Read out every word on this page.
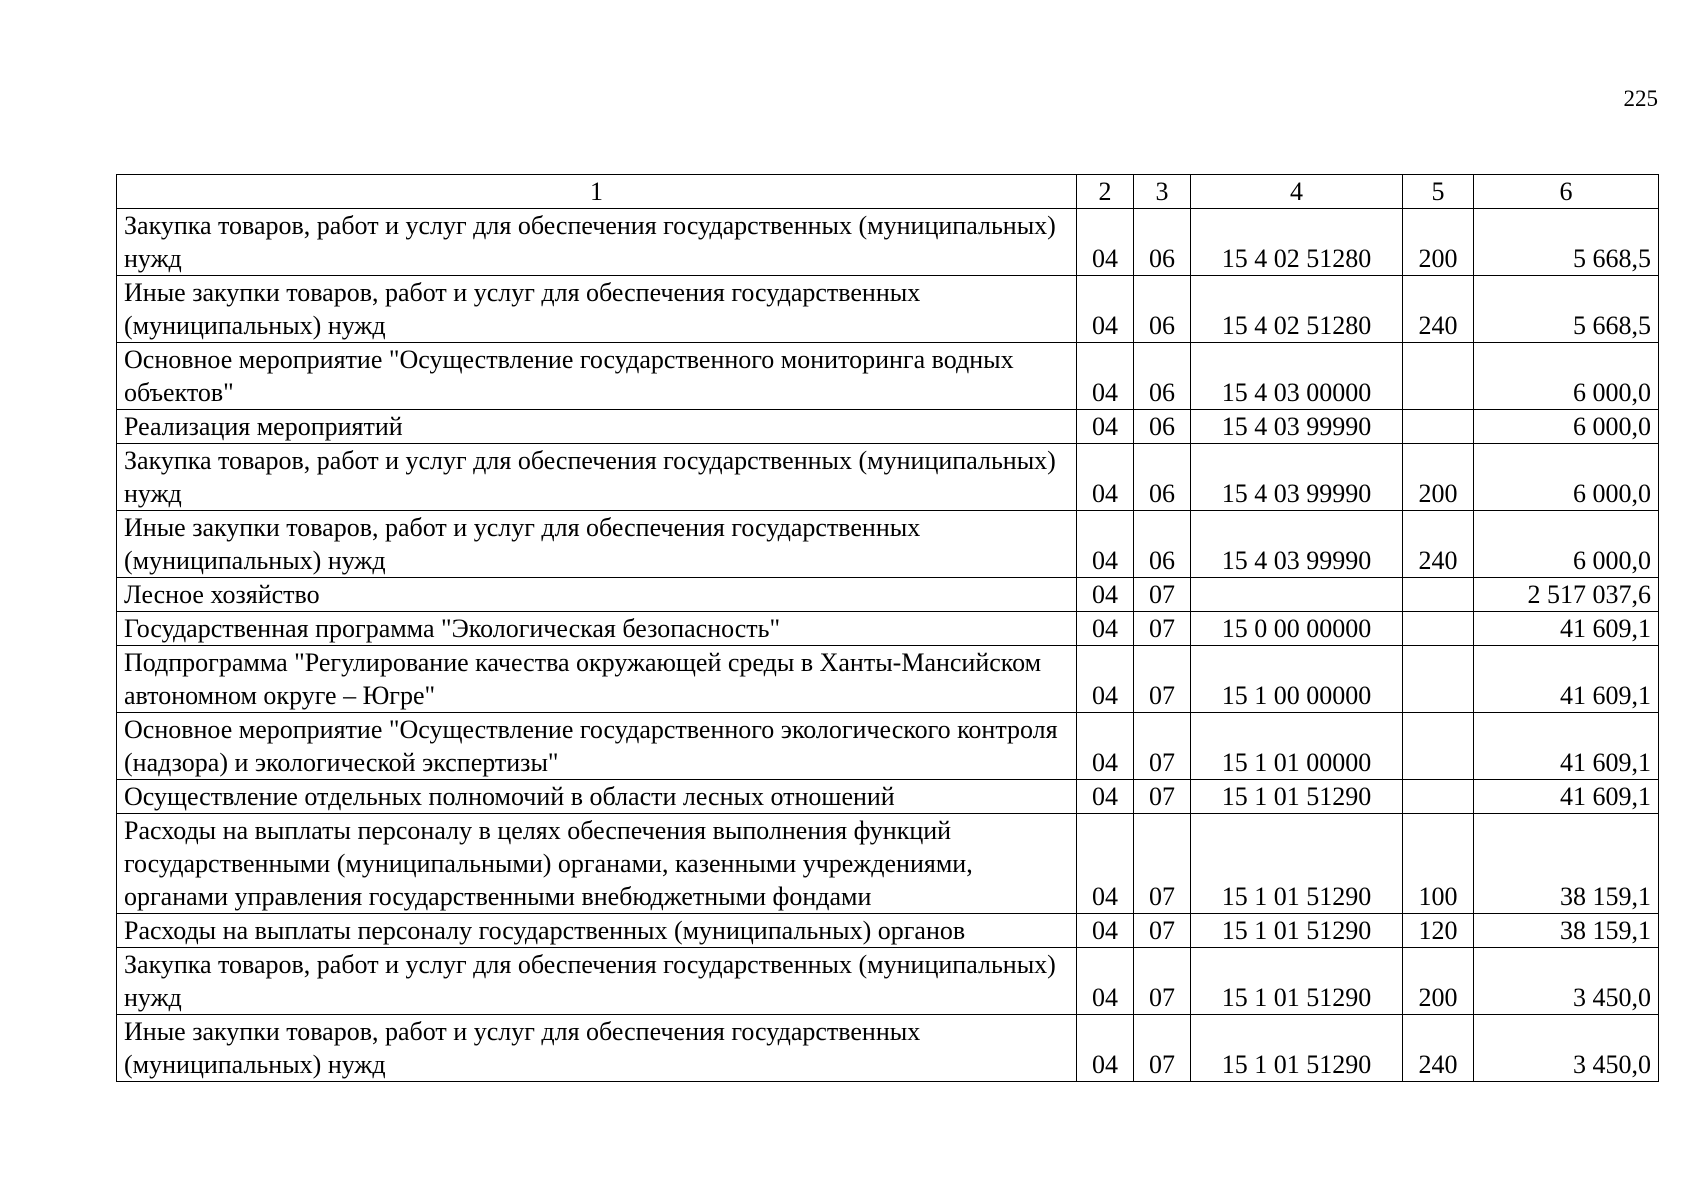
225
1	2	3	4	5	6
Закупка товаров, работ и услуг для обеспечения государственных (муниципальных) нужд	04	06	15 4 02 51280	200	5 668,5
Иные закупки товаров, работ и услуг для обеспечения государственных (муниципальных) нужд	04	06	15 4 02 51280	240	5 668,5
Основное мероприятие "Осуществление государственного мониторинга водных объектов"	04	06	15 4 03 00000		6 000,0
Реализация мероприятий	04	06	15 4 03 99990		6 000,0
Закупка товаров, работ и услуг для обеспечения государственных (муниципальных) нужд	04	06	15 4 03 99990	200	6 000,0
Иные закупки товаров, работ и услуг для обеспечения государственных (муниципальных) нужд	04	06	15 4 03 99990	240	6 000,0
Лесное хозяйство	04	07			2 517 037,6
Государственная программа "Экологическая безопасность"	04	07	15 0 00 00000		41 609,1
Подпрограмма "Регулирование качества окружающей среды в Ханты-Мансийском автономном округе – Югре"	04	07	15 1 00 00000		41 609,1
Основное мероприятие "Осуществление государственного экологического контроля (надзора) и экологической экспертизы"	04	07	15 1 01 00000		41 609,1
Осуществление отдельных полномочий в области лесных отношений	04	07	15 1 01 51290		41 609,1
Расходы на выплаты персоналу в целях обеспечения выполнения функций государственными (муниципальными) органами, казенными учреждениями, органами управления государственными внебюджетными фондами	04	07	15 1 01 51290	100	38 159,1
Расходы на выплаты персоналу государственных (муниципальных) органов	04	07	15 1 01 51290	120	38 159,1
Закупка товаров, работ и услуг для обеспечения государственных (муниципальных) нужд	04	07	15 1 01 51290	200	3 450,0
Иные закупки товаров, работ и услуг для обеспечения государственных (муниципальных) нужд	04	07	15 1 01 51290	240	3 450,0
